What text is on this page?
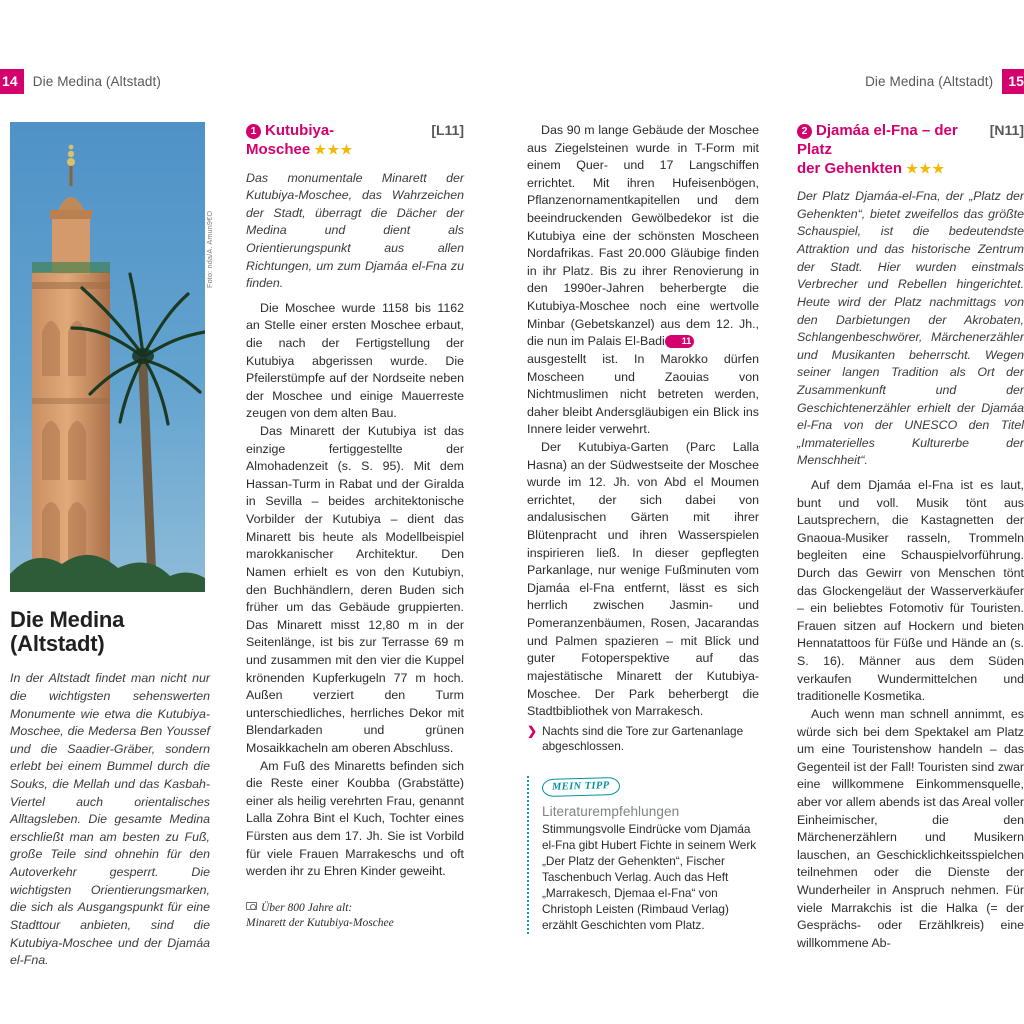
14	Die Medina (Altstadt)	Die Medina (Altstadt)	15
Foto: nda/A. Amun9€O
Die Medina (Altstadt)

In der Altstadt findet man nicht nur die wichtigsten sehenswerten Monumente wie etwa die Kutubiya-Moschee, die Medersa Ben Youssef und die Saadier-Gräber, sondern erlebt bei einem Bummel durch die Souks, die Mellah und das Kasbah-Viertel auch orientalisches Alltagsleben. Die gesamte Medina erschließt man am besten zu Fuß, große Teile sind ohnehin für den Autoverkehr gesperrt. Die wichtigsten Orientierungsmarken, die sich als Ausgangspunkt für eine Stadttour anbieten, sind die Kutubiya-Moschee und der Djamáa el-Fna.

[L11]
1 Kutubiya-
Moschee ★★★

Das monumentale Minarett der Kutubiya-Moschee, das Wahrzeichen der Stadt, überragt die Dächer der Medina und dient als Orientierungspunkt aus allen Richtungen, um zum Djamáa el-Fna zu finden.

Die Moschee wurde 1158 bis 1162 an Stelle einer ersten Moschee erbaut, die nach der Fertigstellung der Kutubiya abgerissen wurde. Die Pfeilerstümpfe auf der Nordseite neben der Moschee und einige Mauerreste zeugen von dem alten Bau.

Das Minarett der Kutubiya ist das einzige fertiggestellte der Almohadenzeit (s. S. 95). Mit dem Hassan-Turm in Rabat und der Giralda in Sevilla – beides architektonische Vorbilder der Kutubiya – dient das Minarett bis heute als Modellbeispiel marokkanischer Architektur. Den Namen erhielt es von den Kutubiyn, den Buchhändlern, deren Buden sich früher um das Gebäude gruppierten. Das Minarett misst 12,80 m in der Seitenlänge, ist bis zur Terrasse 69 m und zusammen mit den vier die Kuppel krönenden Kupferkugeln 77 m hoch. Außen verziert den Turm unterschiedliches, herrliches Dekor mit Blendarkaden und grünen Mosaikkacheln am oberen Abschluss.

Am Fuß des Minaretts befinden sich die Reste einer Koubba (Grabstätte) einer als heilig verehrten Frau, genannt Lalla Zohra Bint el Kuch, Tochter eines Fürsten aus dem 17. Jh. Sie ist Vorbild für viele Frauen Marrakeschs und oft werden ihr zu Ehren Kinder geweiht.

Über 800 Jahre alt:
Minarett der Kutubiya-Moschee

Das 90 m lange Gebäude der Moschee aus Ziegelsteinen wurde in T-Form mit einem Quer- und 17 Langschiffen errichtet. Mit ihren Hufeisenbögen, Pflanzenornamentkapitellen und dem beeindruckenden Gewölbedekor ist die Kutubiya eine der schönsten Moscheen Nordafrikas. Fast 20.000 Gläubige finden in ihr Platz. Bis zu ihrer Renovierung in den 1990er-Jahren beherbergte die Kutubiya-Moschee noch eine wertvolle Minbar (Gebetskanzel) aus dem 12. Jh., die nun im Palais El-Badi 11

ausgestellt ist. In Marokko dürfen Moscheen und Zaouias von Nichtmuslimen nicht betreten werden, daher bleibt Andersgläubigen ein Blick ins Innere leider verwehrt.

Der Kutubiya-Garten (Parc Lalla Hasna) an der Südwestseite der Moschee wurde im 12. Jh. von Abd el Moumen errichtet, der sich dabei von andalusischen Gärten mit ihrer Blütenpracht und ihren Wasserspielen inspirieren ließ. In dieser gepflegten Parkanlage, nur wenige Fußminuten vom Djamáa el-Fna entfernt, lässt es sich herrlich zwischen Jasmin- und Pomeranzenbäumen, Rosen, Jacarandas und Palmen spazieren – mit Blick und guter Fotoperspektive auf das majestätische Minarett der Kutubiya-Moschee. Der Park beherbergt die Stadtbibliothek von Marrakesch.

❯ Nachts sind die Tore zur Gartenanlage abgeschlossen.
MEIN TIPP
Literaturempfehlungen
Stimmungsvolle Eindrücke vom Djamáa el-Fna gibt Hubert Fichte in seinem Werk „Der Platz der Gehenkten“, Fischer Taschenbuch Verlag. Auch das Heft „Marrakesch, Djemaa el-Fna“ von Christoph Leisten (Rimbaud Verlag) erzählt Geschichten vom Platz.
[N11]
2 Djamáa el-Fna – der Platz
der Gehenkten ★★★

Der Platz Djamáa-el-Fna, der „Platz der Gehenkten“, bietet zweifellos das größte Schauspiel, ist die bedeutendste Attraktion und das historische Zentrum der Stadt. Hier wurden einstmals Verbrecher und Rebellen hingerichtet. Heute wird der Platz nachmittags von den Darbietungen der Akrobaten, Schlangenbeschwörer, Märchenerzähler und Musikanten beherrscht. Wegen seiner langen Tradition als Ort der Zusammenkunft und der Geschichtenerzähler erhielt der Djamáa el-Fna von der UNESCO den Titel „Immaterielles Kulturerbe der Menschheit“.

Auf dem Djamáa el-Fna ist es laut, bunt und voll. Musik tönt aus Lautsprechern, die Kastagnetten der Gnaoua-Musiker rasseln, Trommeln begleiten eine Schauspielvorführung. Durch das Gewirr von Menschen tönt das Glockengeläut der Wasserverkäufer – ein beliebtes Fotomotiv für Touristen. Frauen sitzen auf Hockern und bieten Hennatattoos für Füße und Hände an (s. S. 16). Männer aus dem Süden verkaufen Wundermittelchen und traditionelle Kosmetika.

Auch wenn man schnell annimmt, es würde sich bei dem Spektakel am Platz um eine Touristenshow handeln – das Gegenteil ist der Fall! Touristen sind zwar eine willkommene Einkommensquelle, aber vor allem abends ist das Areal voller Einheimischer, die den Märchenerzählern und Musikern lauschen, an Geschicklichkeitsspielchen teilnehmen oder die Dienste der Wunderheiler in Anspruch nehmen. Für viele Marrakchis ist die Halka (= der Gesprächs- oder Erzählkreis) eine willkommene Ab-
